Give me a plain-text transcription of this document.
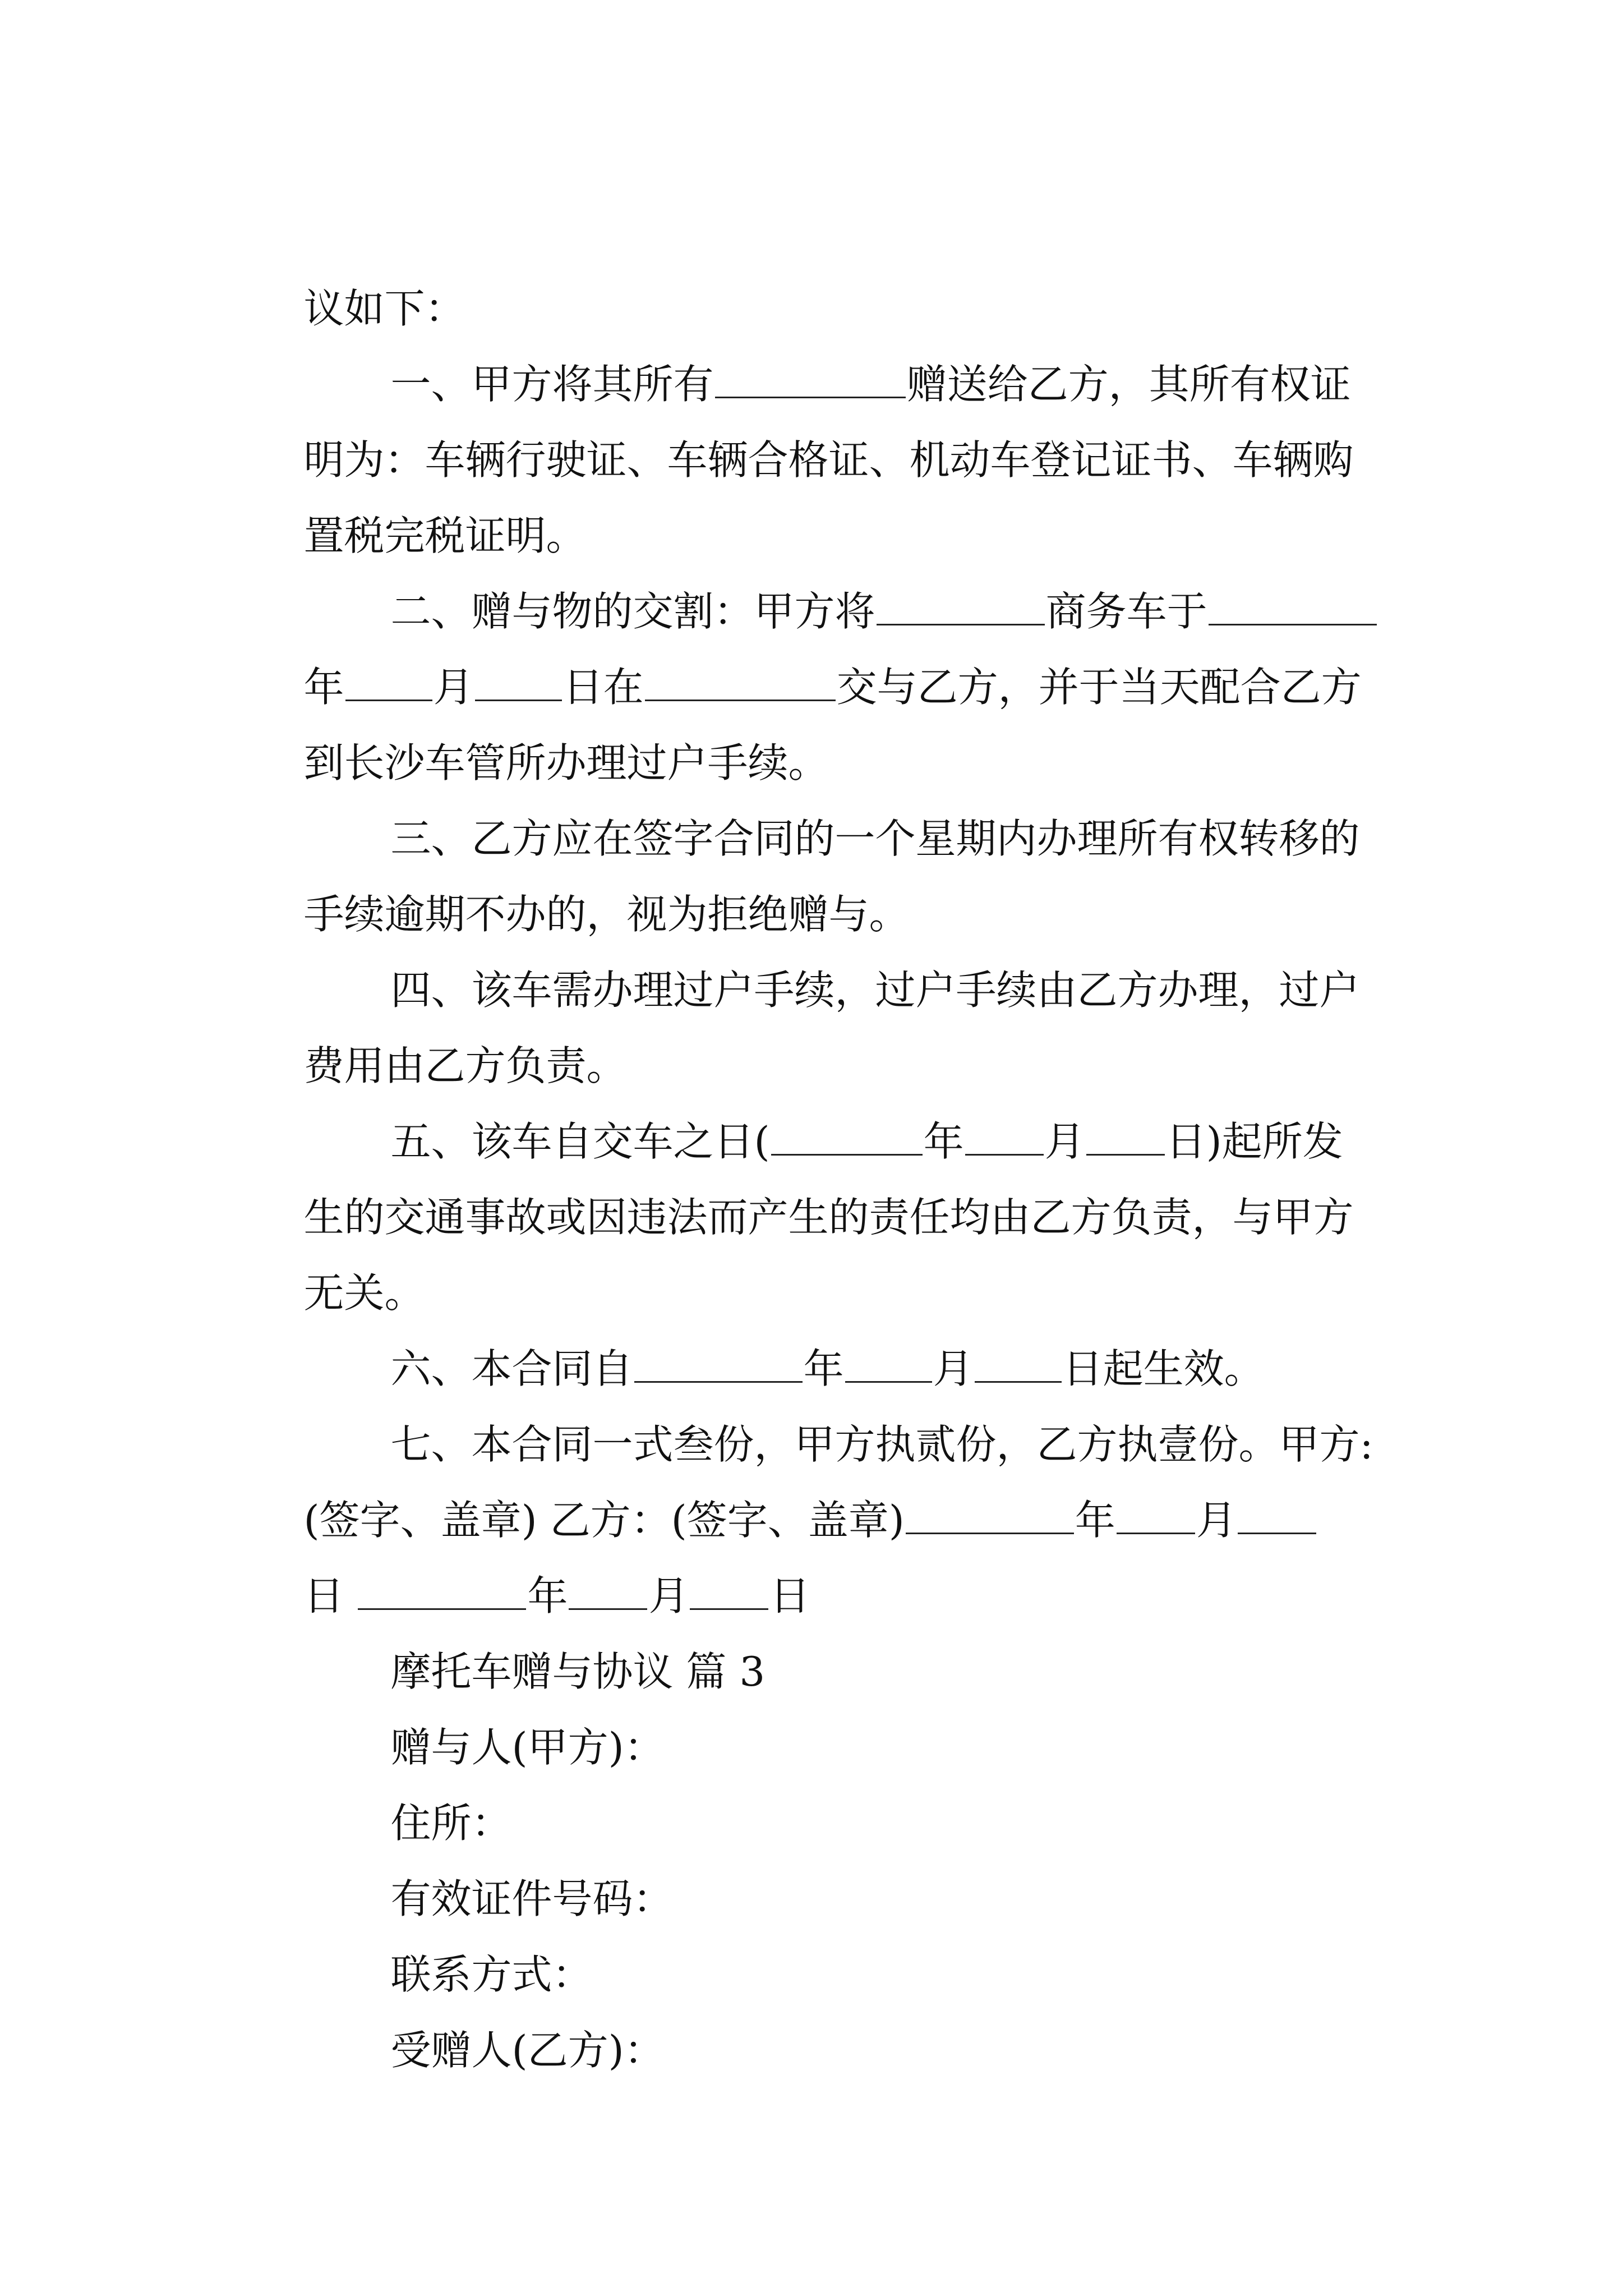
议如下：

一、甲方将其所有	赠送给乙方，其所有权证

明为：车辆行驶证、车辆合格证、机动车登记证书、车辆购

置税完税证明。

二、赠与物的交割：甲方将	商务车于

年 月 日在	交与乙方，并于当天配合乙方

到长沙车管所办理过户手续。

三、乙方应在签字合同的一个星期内办理所有权转移的

手续逾期不办的，视为拒绝赠与。

四、该车需办理过户手续，过户手续由乙方办理，过户

费用由乙方负责。

五、该车自交车之日(	年 月 日)起所发

生的交通事故或因违法而产生的责任均由乙方负责，与甲方

无关。

六、本合同自	年 月 日起生效。

七、本合同一式叁份，甲方执贰份，乙方执壹份。甲方:

(签字、盖章) 乙方：(签字、盖章)	年 月

日	年 月 日

摩托车赠与协议 篇 3

赠与人(甲方)：

住所：

有效证件号码：

联系方式：

受赠人(乙方)：
